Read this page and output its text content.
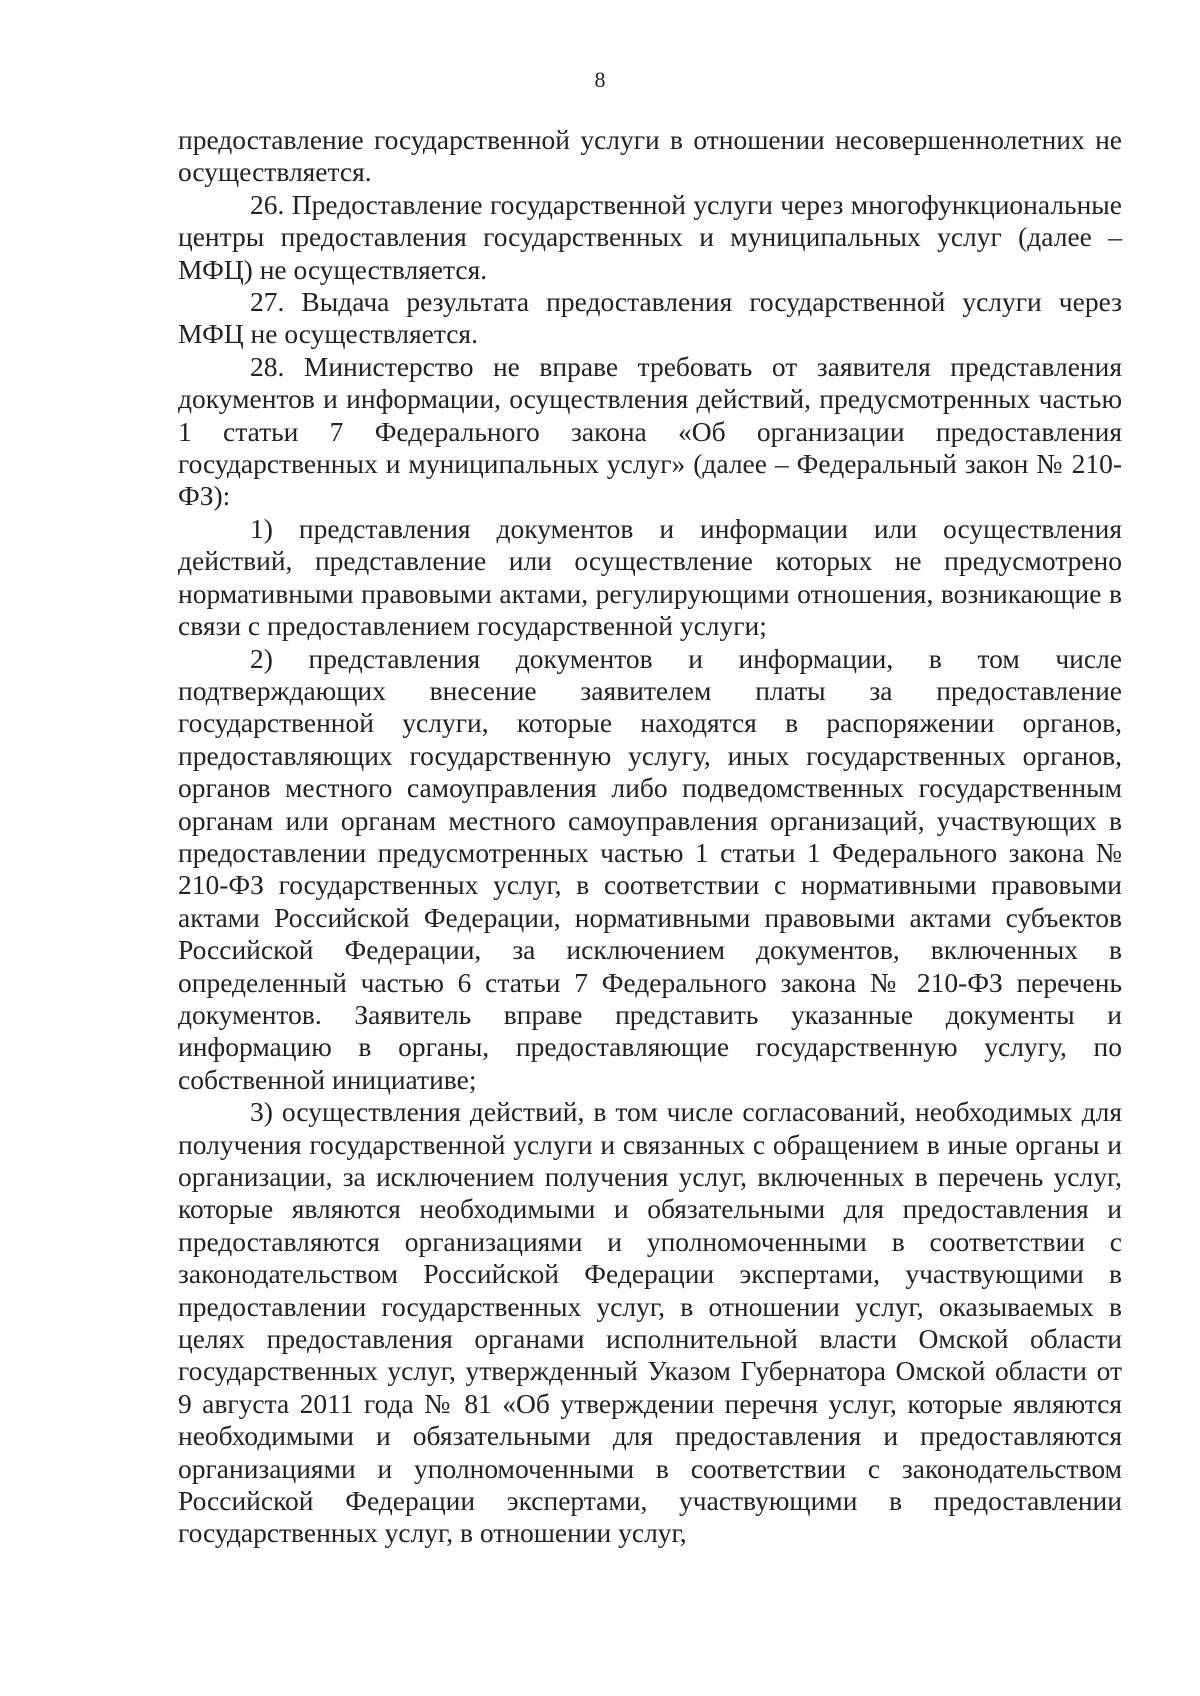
8

предоставление государственной услуги в отношении несовершеннолетних не осуществляется.

26. Предоставление государственной услуги через многофункциональные центры предоставления государственных и муниципальных услуг (далее – МФЦ) не осуществляется.

27. Выдача результата предоставления государственной услуги через МФЦ не осуществляется.

28. Министерство не вправе требовать от заявителя представления документов и информации, осуществления действий, предусмотренных частью 1 статьи 7 Федерального закона «Об организации предоставления государственных и муниципальных услуг» (далее – Федеральный закон № 210-ФЗ):

1) представления документов и информации или осуществления действий, представление или осуществление которых не предусмотрено нормативными правовыми актами, регулирующими отношения, возникающие в связи с предоставлением государственной услуги;

2) представления документов и информации, в том числе подтверждающих внесение заявителем платы за предоставление государственной услуги, которые находятся в распоряжении органов, предоставляющих государственную услугу, иных государственных органов, органов местного самоуправления либо подведомственных государственным органам или органам местного самоуправления организаций, участвующих в предоставлении предусмотренных частью 1 статьи 1 Федерального закона № 210-ФЗ государственных услуг, в соответствии с нормативными правовыми актами Российской Федерации, нормативными правовыми актами субъектов Российской Федерации, за исключением документов, включенных в определенный частью 6 статьи 7 Федерального закона № 210-ФЗ перечень документов. Заявитель вправе представить указанные документы и информацию в органы, предоставляющие государственную услугу, по собственной инициативе;

3) осуществления действий, в том числе согласований, необходимых для получения государственной услуги и связанных с обращением в иные органы и организации, за исключением получения услуг, включенных в перечень услуг, которые являются необходимыми и обязательными для предоставления и предоставляются организациями и уполномоченными в соответствии с законодательством Российской Федерации экспертами, участвующими в предоставлении государственных услуг, в отношении услуг, оказываемых в целях предоставления органами исполнительной власти Омской области государственных услуг, утвержденный Указом Губернатора Омской области от 9 августа 2011 года № 81 «Об утверждении перечня услуг, которые являются необходимыми и обязательными для предоставления и предоставляются организациями и уполномоченными в соответствии с законодательством Российской Федерации экспертами, участвующими в предоставлении государственных услуг, в отношении услуг,
